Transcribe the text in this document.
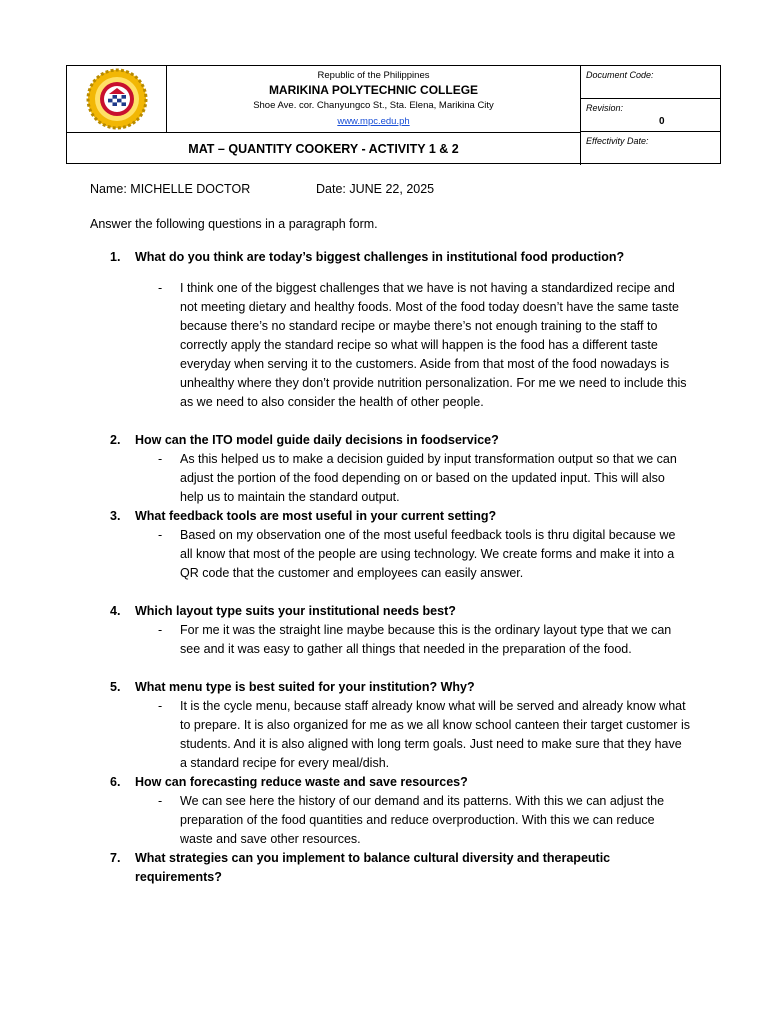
Republic of the Philippines
MARIKINA POLYTECHNIC COLLEGE
Shoe Ave. cor. Chanyungco St., Sta. Elena, Marikina City
www.mpc.edu.ph
Document Code:
Revision:
0
Effectivity Date:
MAT – QUANTITY COOKERY - ACTIVITY 1 & 2
Name: MICHELLE DOCTOR	Date: JUNE 22, 2025
Answer the following questions in a paragraph form.
1. What do you think are today’s biggest challenges in institutional food production?
- I think one of the biggest challenges that we have is not having a standardized recipe and not meeting dietary and healthy foods. Most of the food today doesn’t have the same taste because there’s no standard recipe or maybe there’s not enough training to the staff to correctly apply the standard recipe so what will happen is the food has a different taste everyday when serving it to the customers. Aside from that most of the food nowadays is unhealthy where they don’t provide nutrition personalization. For me we need to include this as we need to also consider the health of other people.
2. How can the ITO model guide daily decisions in foodservice?
- As this helped us to make a decision guided by input transformation output so that we can adjust the portion of the food depending on or based on the updated input. This will also help us to maintain the standard output.
3. What feedback tools are most useful in your current setting?
- Based on my observation one of the most useful feedback tools is thru digital because we all know that most of the people are using technology. We create forms and make it into a QR code that the customer and employees can easily answer.
4. Which layout type suits your institutional needs best?
- For me it was the straight line maybe because this is the ordinary layout type that we can see and it was easy to gather all things that needed in the preparation of the food.
5. What menu type is best suited for your institution? Why?
- It is the cycle menu, because staff already know what will be served and already know what to prepare. It is also organized for me as we all know school canteen their target customer is students. And it is also aligned with long term goals. Just need to make sure that they have a standard recipe for every meal/dish.
6. How can forecasting reduce waste and save resources?
- We can see here the history of our demand and its patterns. With this we can adjust the preparation of the food quantities and reduce overproduction. With this we can reduce waste and save other resources.
7. What strategies can you implement to balance cultural diversity and therapeutic requirements?
